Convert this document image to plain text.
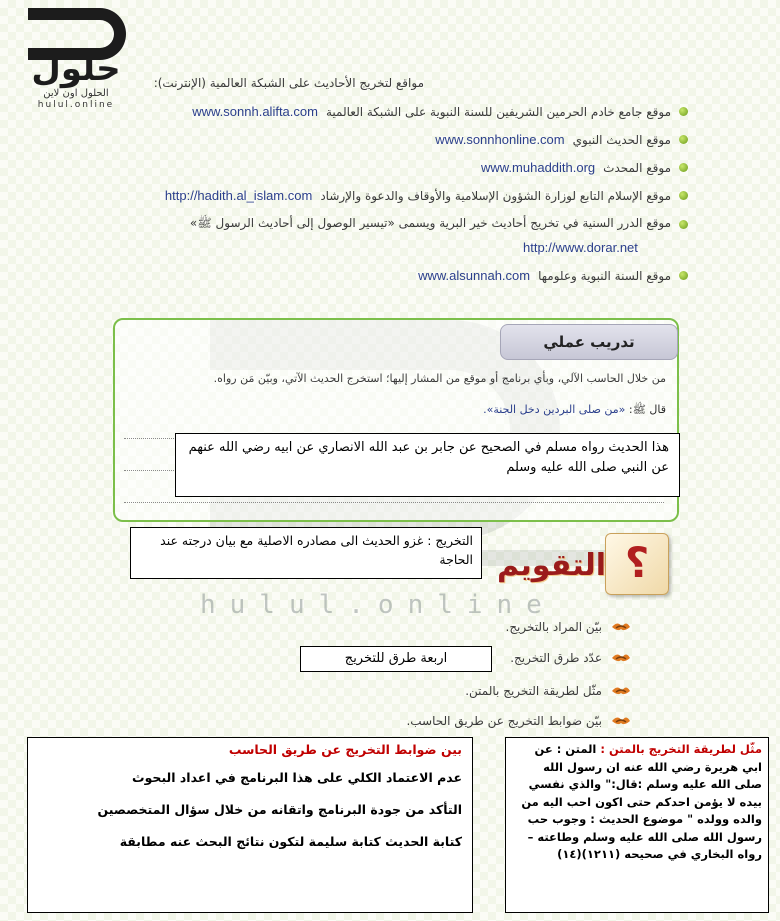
حلول
الحلول اون لاين
hulul.online
مواقع لتخريج الأحاديث على الشبكة العالمية (الإنترنت):
موقع جامع خادم الحرمين الشريفين للسنة النبوية على الشبكة العالمية
www.sonnh.alifta.com
موقع الحديث النبوي
www.sonnhonline.com
موقع المحدث
www.muhaddith.org
موقع الإسلام التابع لوزارة الشؤون الإسلامية والأوقاف والدعوة والإرشاد
http://hadith.al_islam.com
موقع الدرر السنية في تخريج أحاديث خير البرية ويسمى «تيسير الوصول إلى أحاديث الرسول ﷺ»
http://www.dorar.net
موقع السنة النبوية وعلومها
www.alsunnah.com
تدريب عملي
من خلال الحاسب الآلي، وبأي برنامج أو موقع من المشار إليها؛ استخرج الحديث الآتي، وبيّن مَن رواه.
قال ﷺ: «من صلى البردين دخل الجنة».
هذا الحديث رواه مسلم في الصحيح عن جابر بن عبد الله الانصاري عن ابيه رضي الله عنهم عن النبي صلى الله عليه وسلم
التخريج : غزو الحديث الى مصادره الاصلية مع بيان درجته عند الحاجة	؟
التقويم
hulul.online
بيّن المراد بالتخريج.
عدّد طرق التخريج.
مثّل لطريقة التخريج بالمتن.
بيّن ضوابط التخريج عن طريق الحاسب.
اربعة طرق للتخريج
بين ضوابط التخريج عن طريق الحاسب
عدم الاعتماد الكلي على هذا البرنامج في اعداد البحوث
التأكد من جودة البرنامج واتقانه من خلال سؤال المتخصصين
كتابة الحديث كتابة سليمة لتكون نتائج البحث عنه مطابقة
مثّل لطريقة التخريج بالمتن : المتن : عن ابي هريرة رضي الله عنه ان رسول الله صلى الله عليه وسلم :قال:" والذي نفسي بيده لا يؤمن احدكم حتى اكون احب اليه من والده وولده " موضوع الحديث : وجوب حب رسول الله صلى الله عليه وسلم وطاعته – رواه البخاري في صحيحه (١٢١١)(١٤)
